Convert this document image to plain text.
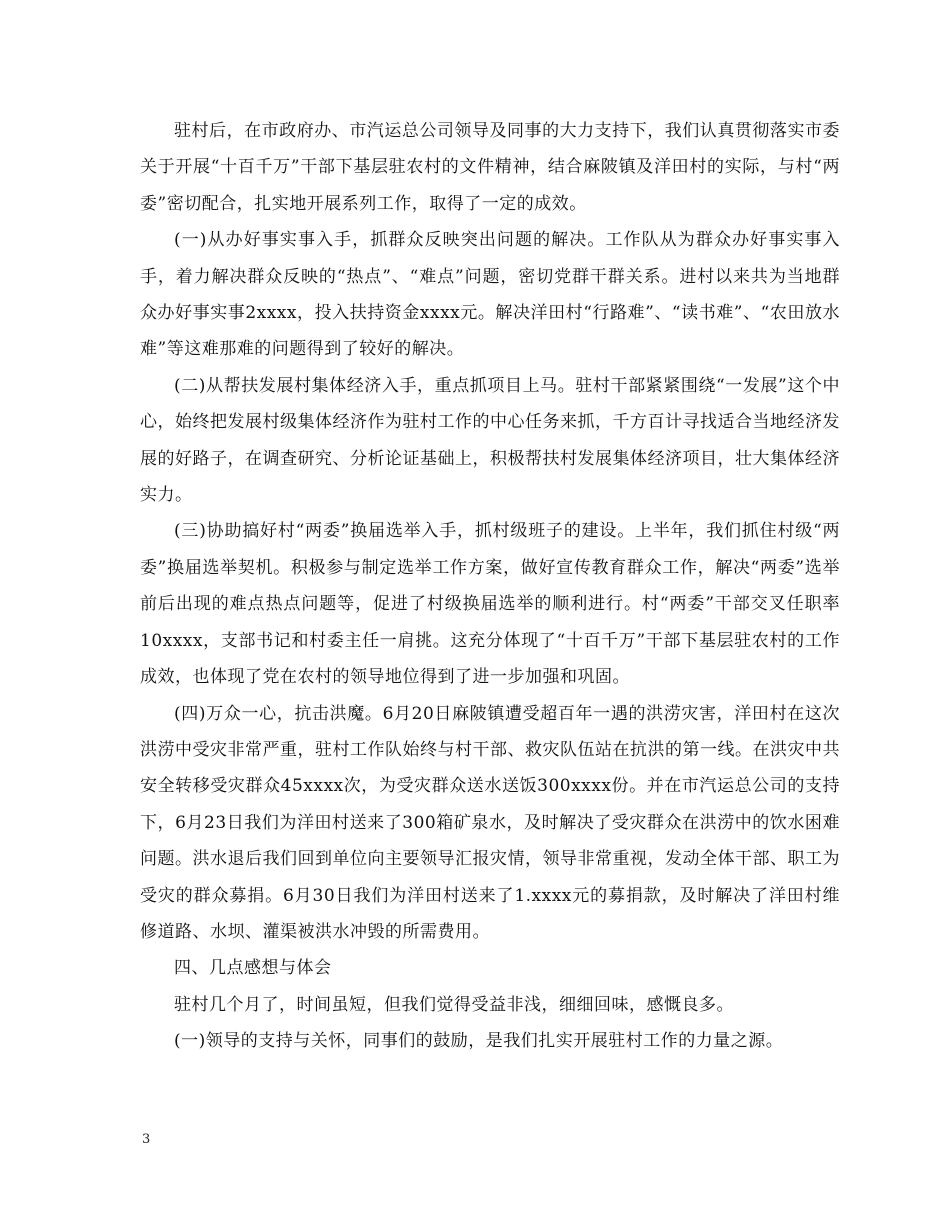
驻村后，在市政府办、市汽运总公司领导及同事的大力支持下，我们认真贯彻落实市委关于开展“十百千万”干部下基层驻农村的文件精神，结合麻陂镇及洋田村的实际，与村“两委”密切配合，扎实地开展系列工作，取得了一定的成效。

(一)从办好事实事入手，抓群众反映突出问题的解决。工作队从为群众办好事实事入手，着力解决群众反映的“热点”、“难点”问题，密切党群干群关系。进村以来共为当地群众办好事实事2xxxx，投入扶持资金xxxx元。解决洋田村“行路难”、“读书难”、“农田放水难”等这难那难的问题得到了较好的解决。

(二)从帮扶发展村集体经济入手，重点抓项目上马。驻村干部紧紧围绕“一发展”这个中心，始终把发展村级集体经济作为驻村工作的中心任务来抓，千方百计寻找适合当地经济发展的好路子，在调查研究、分析论证基础上，积极帮扶村发展集体经济项目，壮大集体经济实力。

(三)协助搞好村“两委”换届选举入手，抓村级班子的建设。上半年，我们抓住村级“两委”换届选举契机。积极参与制定选举工作方案，做好宣传教育群众工作，解决“两委”选举前后出现的难点热点问题等，促进了村级换届选举的顺利进行。村“两委”干部交叉任职率10xxxx，支部书记和村委主任一肩挑。这充分体现了“十百千万”干部下基层驻农村的工作成效，也体现了党在农村的领导地位得到了进一步加强和巩固。

(四)万众一心，抗击洪魔。6月20日麻陂镇遭受超百年一遇的洪涝灾害，洋田村在这次洪涝中受灾非常严重，驻村工作队始终与村干部、救灾队伍站在抗洪的第一线。在洪灾中共安全转移受灾群众45xxxx次，为受灾群众送水送饭300xxxx份。并在市汽运总公司的支持下，6月23日我们为洋田村送来了300箱矿泉水，及时解决了受灾群众在洪涝中的饮水困难问题。洪水退后我们回到单位向主要领导汇报灾情，领导非常重视，发动全体干部、职工为受灾的群众募捐。6月30日我们为洋田村送来了1.xxxx元的募捐款，及时解决了洋田村维修道路、水坝、灌渠被洪水冲毁的所需费用。

四、几点感想与体会

驻村几个月了，时间虽短，但我们觉得受益非浅，细细回味，感慨良多。

(一)领导的支持与关怀，同事们的鼓励，是我们扎实开展驻村工作的力量之源。

3
